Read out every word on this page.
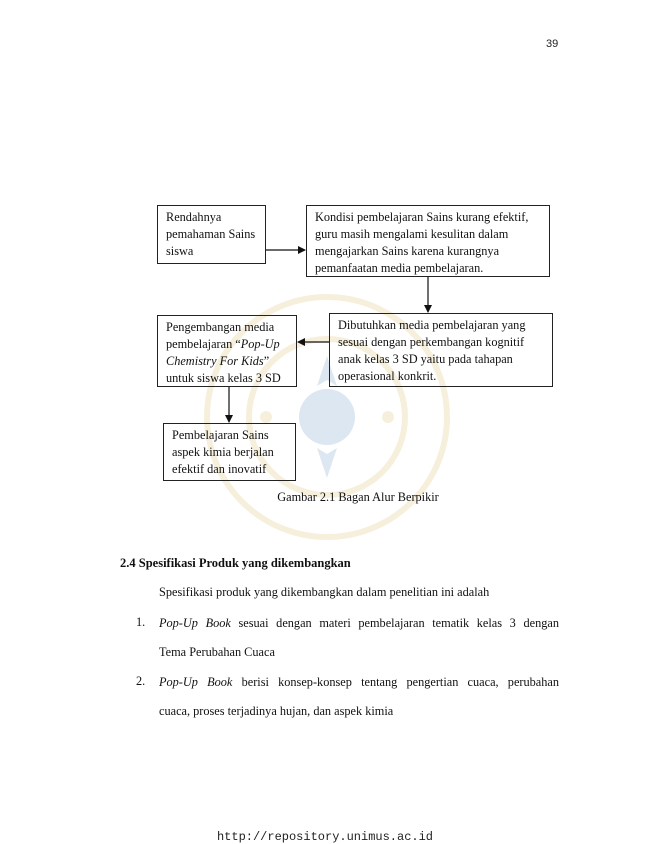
39

Rendahnya pemahaman Sains siswa

Kondisi pembelajaran Sains kurang efektif, guru masih mengalami kesulitan dalam mengajarkan Sains karena kurangnya pemanfaatan media pembelajaran.

Dibutuhkan media pembelajaran yang sesuai dengan perkembangan kognitif anak kelas 3 SD yaitu pada tahapan operasional konkrit.

Pengembangan media pembelajaran “Pop-Up Chemistry For Kids” untuk siswa kelas 3 SD

Pembelajaran Sains aspek kimia berjalan efektif dan inovatif

Gambar 2.1 Bagan Alur Berpikir
2.4 Spesifikasi Produk yang dikembangkan
Spesifikasi produk yang dikembangkan dalam penelitian ini adalah
1. Pop-Up Book sesuai dengan materi pembelajaran tematik kelas 3 dengan
Tema Perubahan Cuaca
2. Pop-Up Book berisi konsep-konsep tentang pengertian cuaca, perubahan
cuaca, proses terjadinya hujan, dan aspek kimia
http://repository.unimus.ac.id
